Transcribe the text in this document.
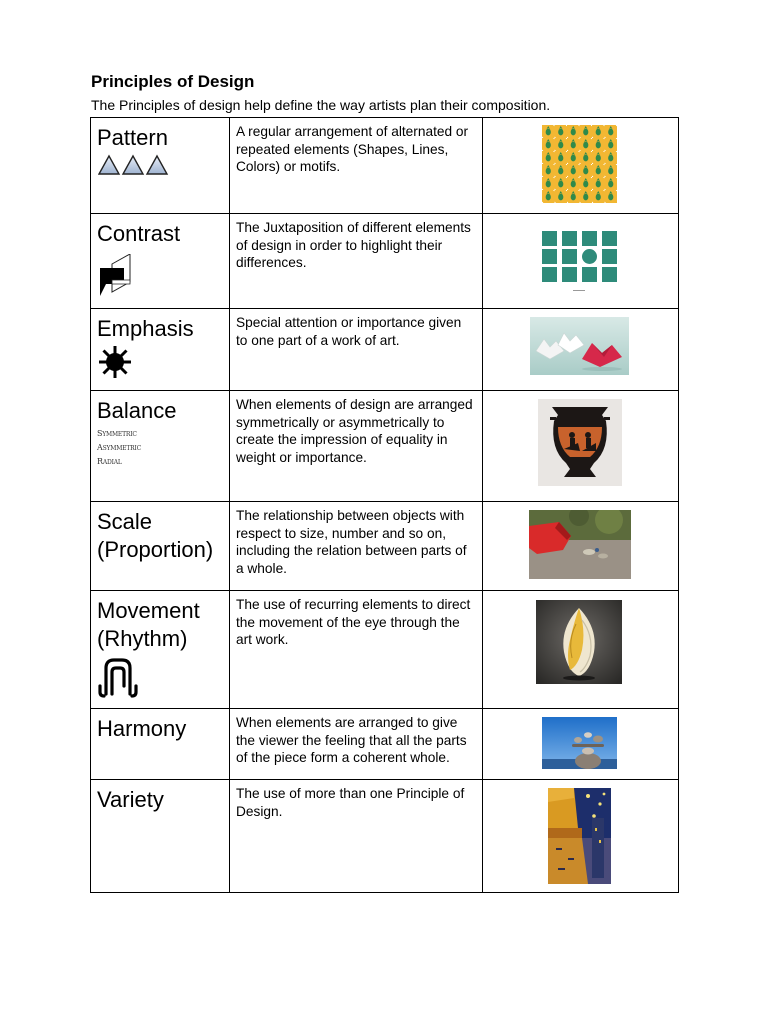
Principles of Design

The Principles of design help define the way artists plan their composition.

Pattern	A regular arrangement of alternated or repeated elements (Shapes, Lines, Colors) or motifs.

Contrast	The Juxtaposition of different elements of design in order to highlight their differences.

Emphasis	Special attention or importance given to one part of a work of art.

Balance
Symmetric
Asymmetric
Radial	When elements of design are arranged symmetrically or asymmetrically to create the impression of equality in weight or importance.

Scale
(Proportion)	The relationship between objects with respect to size, number and so on, including the relation between parts of a whole.

Movement
(Rhythm)	The use of recurring elements to direct the movement of the eye through the art work.

Harmony	When elements are arranged to give the viewer the feeling that all the parts of the piece form a coherent whole.

Variety	The use of more than one Principle of Design.
